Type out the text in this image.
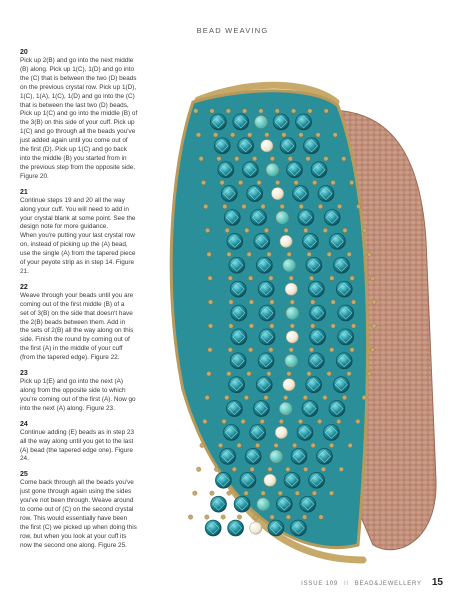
BEAD WEAVING
20
Pick up 2(B) and go into the next middle
(B) along. Pick up 1(C), 1(D) and go into
the (C) that is between the two (D) beads
on the previous crystal row. Pick up 1(D),
1(C), 1(A), 1(C), 1(D) and go into the (C)
that is between the last two (D) beads,
Pick up 1(C) and go into the middle (B) of
the 3(B) on this side of your cuff. Pick up
1(C) and go through all the beads you've
just added again until you come out of
the first (D). Pick up 1(C) and go back
into the middle (B) you started from in
the previous step from the opposite side.
Figure 20.
21
Continue steps 19 and 20 all the way
along your cuff. You will need to add in
your crystal blank at some point. See the
design note for more guidance.
When you're putting your last crystal row
on, instead of picking up the (A) bead,
use the single (A) from the tapered piece
of your peyote strip as in step 14. Figure
21.
22
Weave through your beads until you are
coming out of the first middle (B) of a
set of 3(B) on the side that doesn't have
the 2(B) beads between them. Add in
the sets of 2(B) all the way along on this
side. Finish the round by coming out of
the first (A) in the middle of your cuff
(from the tapered edge). Figure 22.
23
Pick up 1(E) and go into the next (A)
along from the opposite side to which
you're coming out of the first (A). Now go
into the next (A) along. Figure 23.
24
Continue adding (E) beads as in step 23
all the way along until you get to the last
(A) bead (the tapered edge one). Figure
24.
25
Come back through all the beads you've
just gone through again using the sides
you've not been through. Weave around
to come out of (C) on the second crystal
row. This would essentially have been
the first (C) we picked up when doing this
row, but when you look at your cuff its
now the second one along. Figure 25.
ISSUE 109 ǀǀ BEAD&JEWELLERY 15
